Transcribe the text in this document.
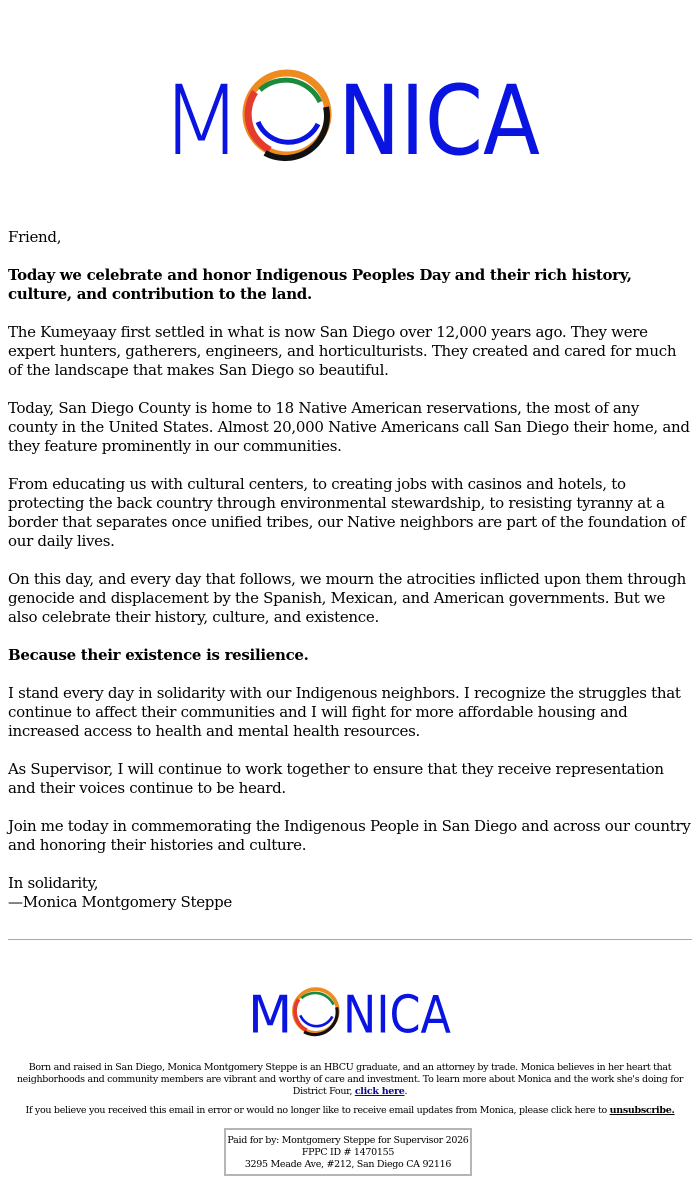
M NICA

Friend,

Today we celebrate and honor Indigenous Peoples Day and their rich history, culture, and contribution to the land.

The Kumeyaay first settled in what is now San Diego over 12,000 years ago. They were expert hunters, gatherers, engineers, and horticulturists. They created and cared for much of the landscape that makes San Diego so beautiful.

Today, San Diego County is home to 18 Native American reservations, the most of any county in the United States. Almost 20,000 Native Americans call San Diego their home, and they feature prominently in our communities.

From educating us with cultural centers, to creating jobs with casinos and hotels, to protecting the back country through environmental stewardship, to resisting tyranny at a border that separates once unified tribes, our Native neighbors are part of the foundation of our daily lives.

On this day, and every day that follows, we mourn the atrocities inflicted upon them through genocide and displacement by the Spanish, Mexican, and American governments. But we also celebrate their history, culture, and existence.

Because their existence is resilience.

I stand every day in solidarity with our Indigenous neighbors. I recognize the struggles that continue to affect their communities and I will fight for more affordable housing and increased access to health and mental health resources.

As Supervisor, I will continue to work together to ensure that they receive representation and their voices continue to be heard.

Join me today in commemorating the Indigenous People in San Diego and across our country and honoring their histories and culture.

In solidarity,
—Monica Montgomery Steppe

M NICA
Born and raised in San Diego, Monica Montgomery Steppe is an HBCU graduate, and an attorney by trade. Monica believes in her heart that neighborhoods and community members are vibrant and worthy of care and investment. To learn more about Monica and the work she's doing for District Four, click here.
If you believe you received this email in error or would no longer like to receive email updates from Monica, please click here to unsubscribe.
Paid for by: Montgomery Steppe for Supervisor 2026
FPPC ID # 1470155
3295 Meade Ave, #212, San Diego CA 92116
